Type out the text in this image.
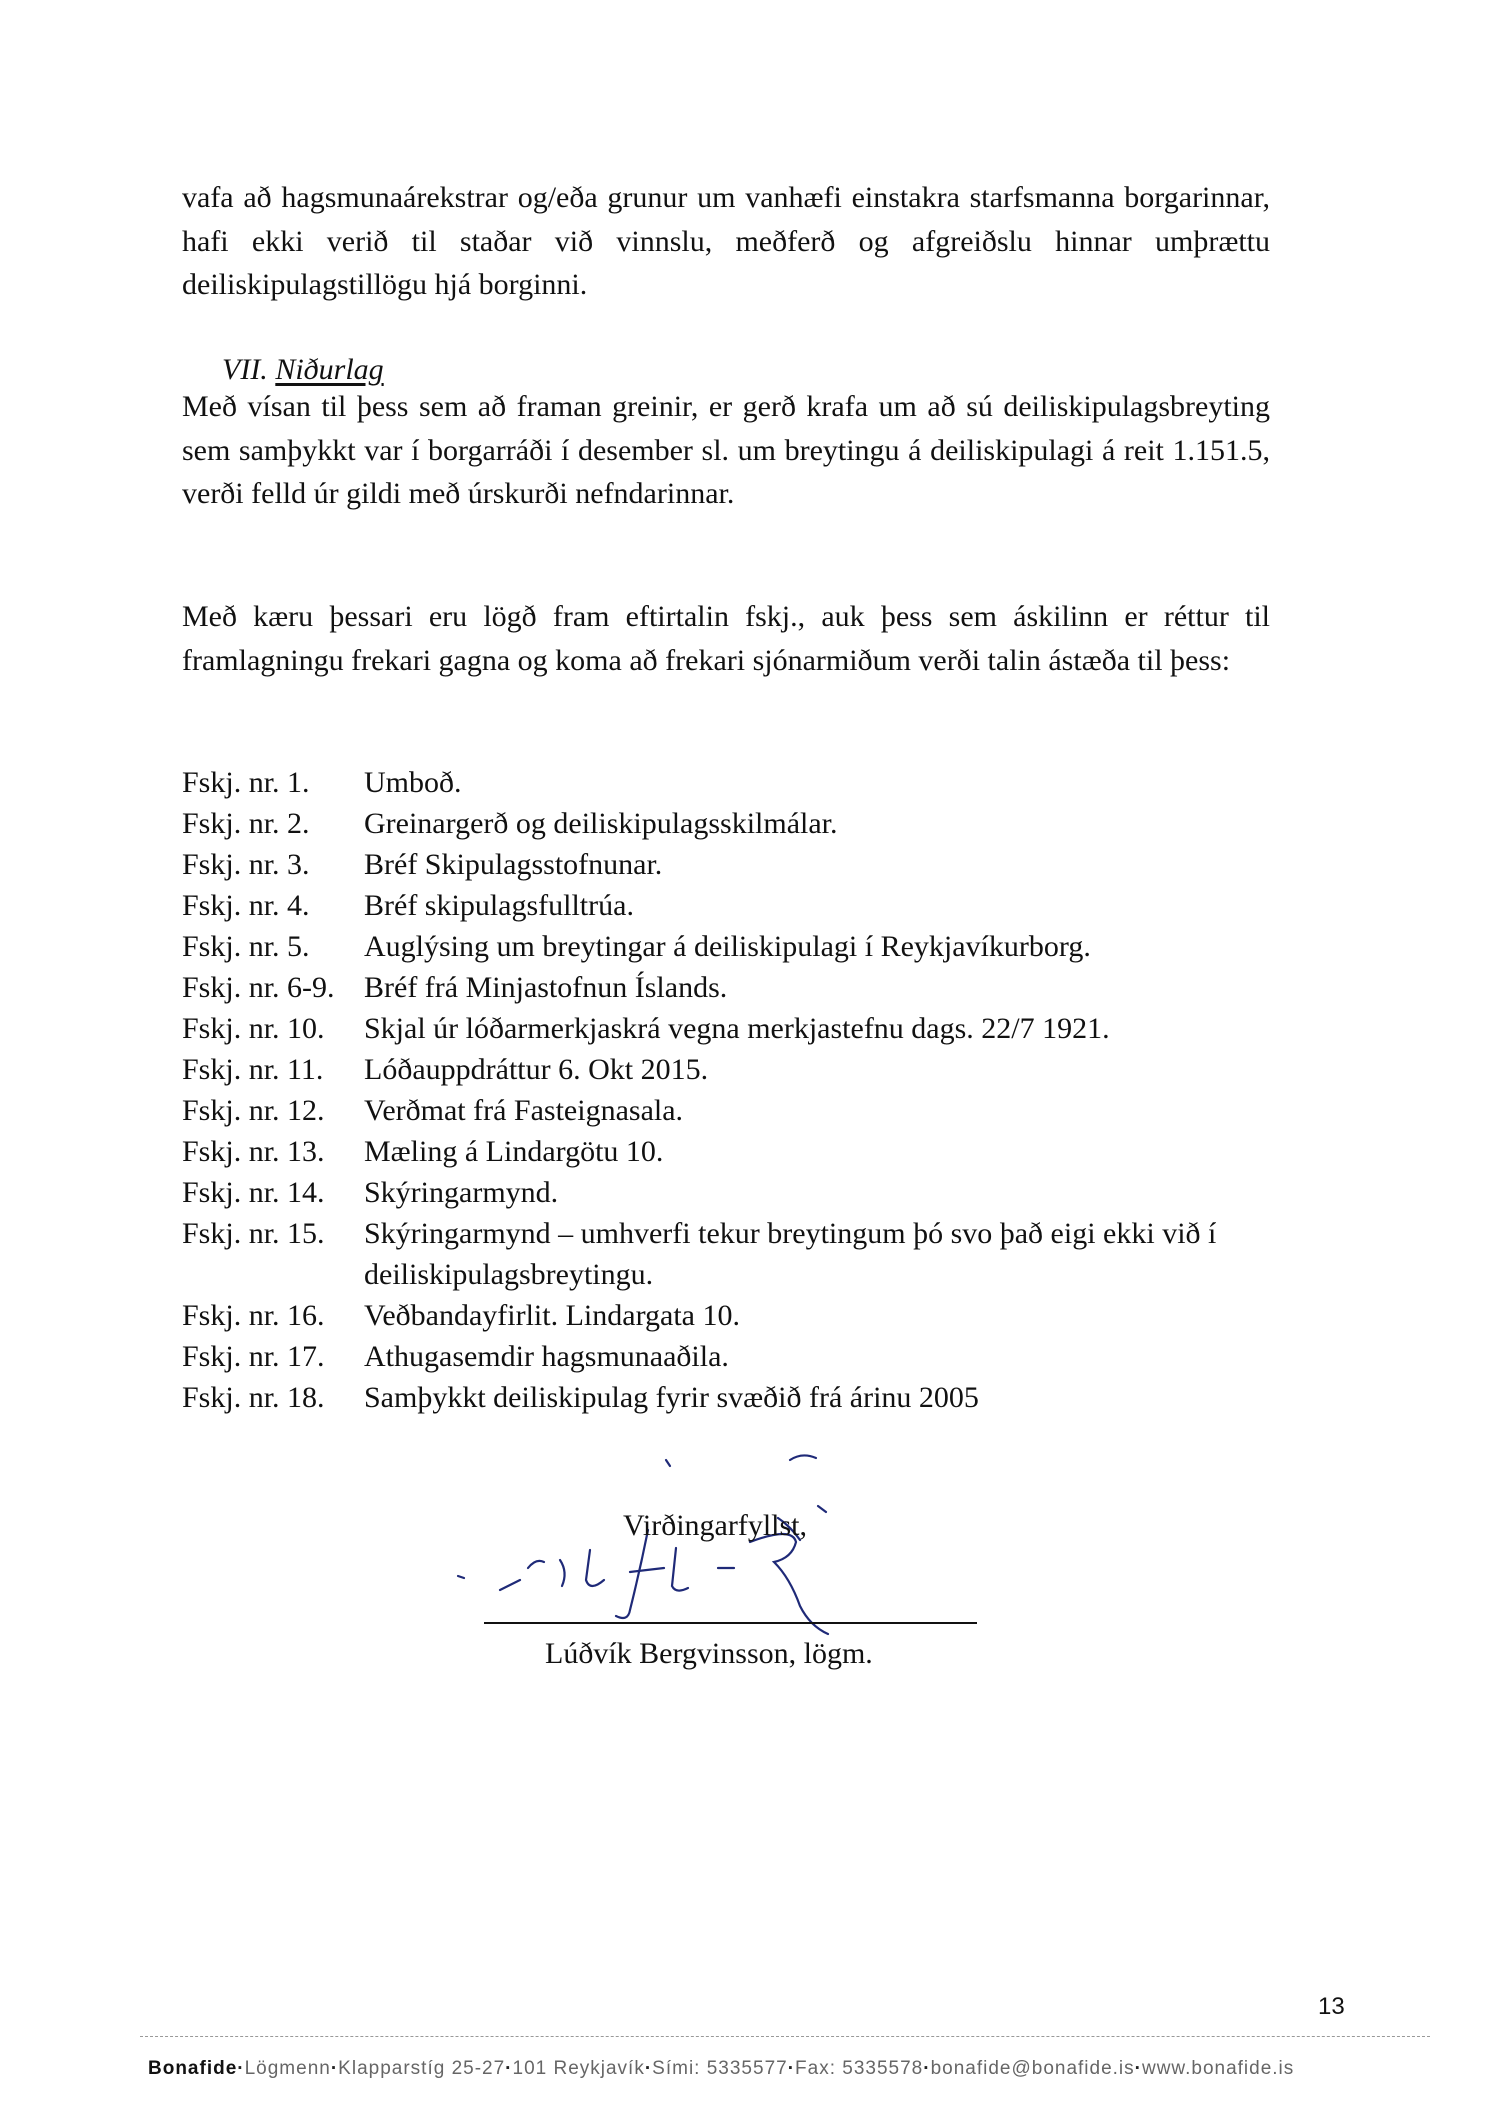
vafa að hagsmunaárekstrar og/eða grunur um vanhæfi einstakra starfsmanna borgarinnar, hafi ekki verið til staðar við vinnslu, meðferð og afgreiðslu hinnar umþrættu deiliskipulagstillögu hjá borginni.

VII. Niðurlag

Með vísan til þess sem að framan greinir, er gerð krafa um að sú deiliskipulagsbreyting sem samþykkt var í borgarráði í desember sl. um breytingu á deiliskipulagi á reit 1.151.5, verði felld úr gildi með úrskurði nefndarinnar.

Með kæru þessari eru lögð fram eftirtalin fskj., auk þess sem áskilinn er réttur til framlagningu frekari gagna og koma að frekari sjónarmiðum verði talin ástæða til þess:

Fskj. nr. 1.	Umboð.
Fskj. nr. 2.	Greinargerð og deiliskipulagsskilmálar.
Fskj. nr. 3.	Bréf Skipulagsstofnunar.
Fskj. nr. 4.	Bréf skipulagsfulltrúa.
Fskj. nr. 5.	Auglýsing um breytingar á deiliskipulagi í Reykjavíkurborg.
Fskj. nr. 6-9. Bréf frá Minjastofnun Íslands.
Fskj. nr. 10.	Skjal úr lóðarmerkjaskrá vegna merkjastefnu dags. 22/7 1921.
Fskj. nr. 11.	Lóðauppdráttur 6. Okt 2015.
Fskj. nr. 12.	Verðmat frá Fasteignasala.
Fskj. nr. 13.	Mæling á Lindargötu 10.
Fskj. nr. 14.	Skýringarmynd.
Fskj. nr. 15.	Skýringarmynd – umhverfi tekur breytingum þó svo það eigi ekki við í deiliskipulagsbreytingu.
Fskj. nr. 16.	Veðbandayfirlit. Lindargata 10.
Fskj. nr. 17.	Athugasemdir hagsmunaaðila.
Fskj. nr. 18.	Samþykkt deiliskipulag fyrir svæðið frá árinu 2005
Virðingarfyllst,
Lúðvík Bergvinsson, lögm.
13
Bonafide·Lögmenn·Klapparstíg 25-27·101 Reykjavík·Sími: 5335577·Fax: 5335578·bonafide@bonafide.is·www.bonafide.is
